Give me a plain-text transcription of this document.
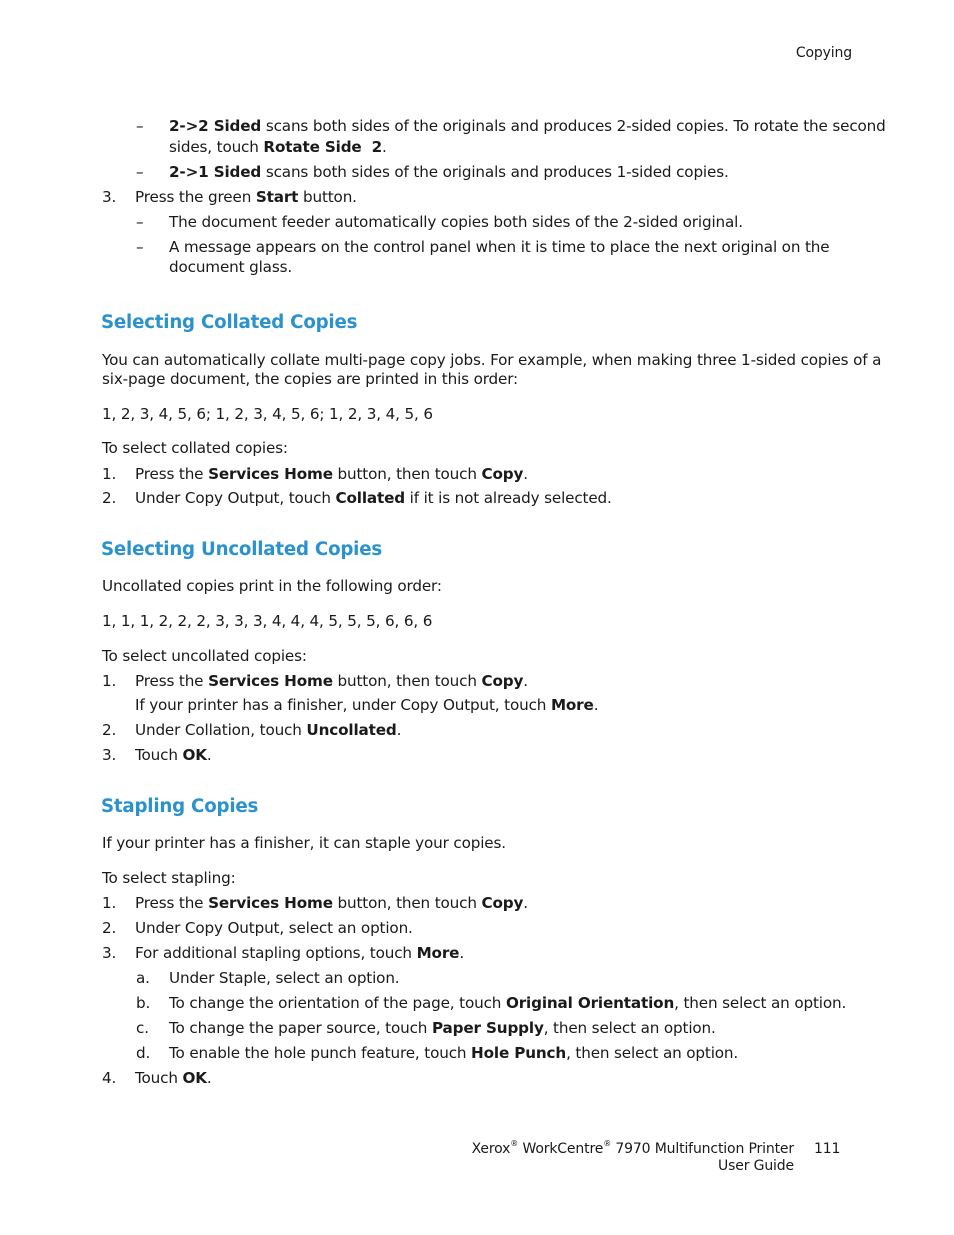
Copying
–	2->2 Sided scans both sides of the originals and produces 2-sided copies. To rotate the second
sides, touch Rotate Side 2.
–	2->1 Sided scans both sides of the originals and produces 1-sided copies.
3. Press the green Start button.
–	The document feeder automatically copies both sides of the 2-sided original.
–	A message appears on the control panel when it is time to place the next original on the
document glass.
Selecting Collated Copies
You can automatically collate multi-page copy jobs. For example, when making three 1-sided copies of a
six-page document, the copies are printed in this order:
1, 2, 3, 4, 5, 6; 1, 2, 3, 4, 5, 6; 1, 2, 3, 4, 5, 6
To select collated copies:
1. Press the Services Home button, then touch Copy.
2. Under Copy Output, touch Collated if it is not already selected.
Selecting Uncollated Copies
Uncollated copies print in the following order:
1, 1, 1, 2, 2, 2, 3, 3, 3, 4, 4, 4, 5, 5, 5, 6, 6, 6
To select uncollated copies:
1. Press the Services Home button, then touch Copy.
If your printer has a finisher, under Copy Output, touch More.
2. Under Collation, touch Uncollated.
3. Touch OK.
Stapling Copies
If your printer has a finisher, it can staple your copies.
To select stapling:
1. Press the Services Home button, then touch Copy.
2. Under Copy Output, select an option.
3. For additional stapling options, touch More.
a. Under Staple, select an option.
b. To change the orientation of the page, touch Original Orientation, then select an option.
c. To change the paper source, touch Paper Supply, then select an option.
d. To enable the hole punch feature, touch Hole Punch, then select an option.
4. Touch OK.
Xerox® WorkCentre® 7970 Multifunction Printer
User Guide
111
